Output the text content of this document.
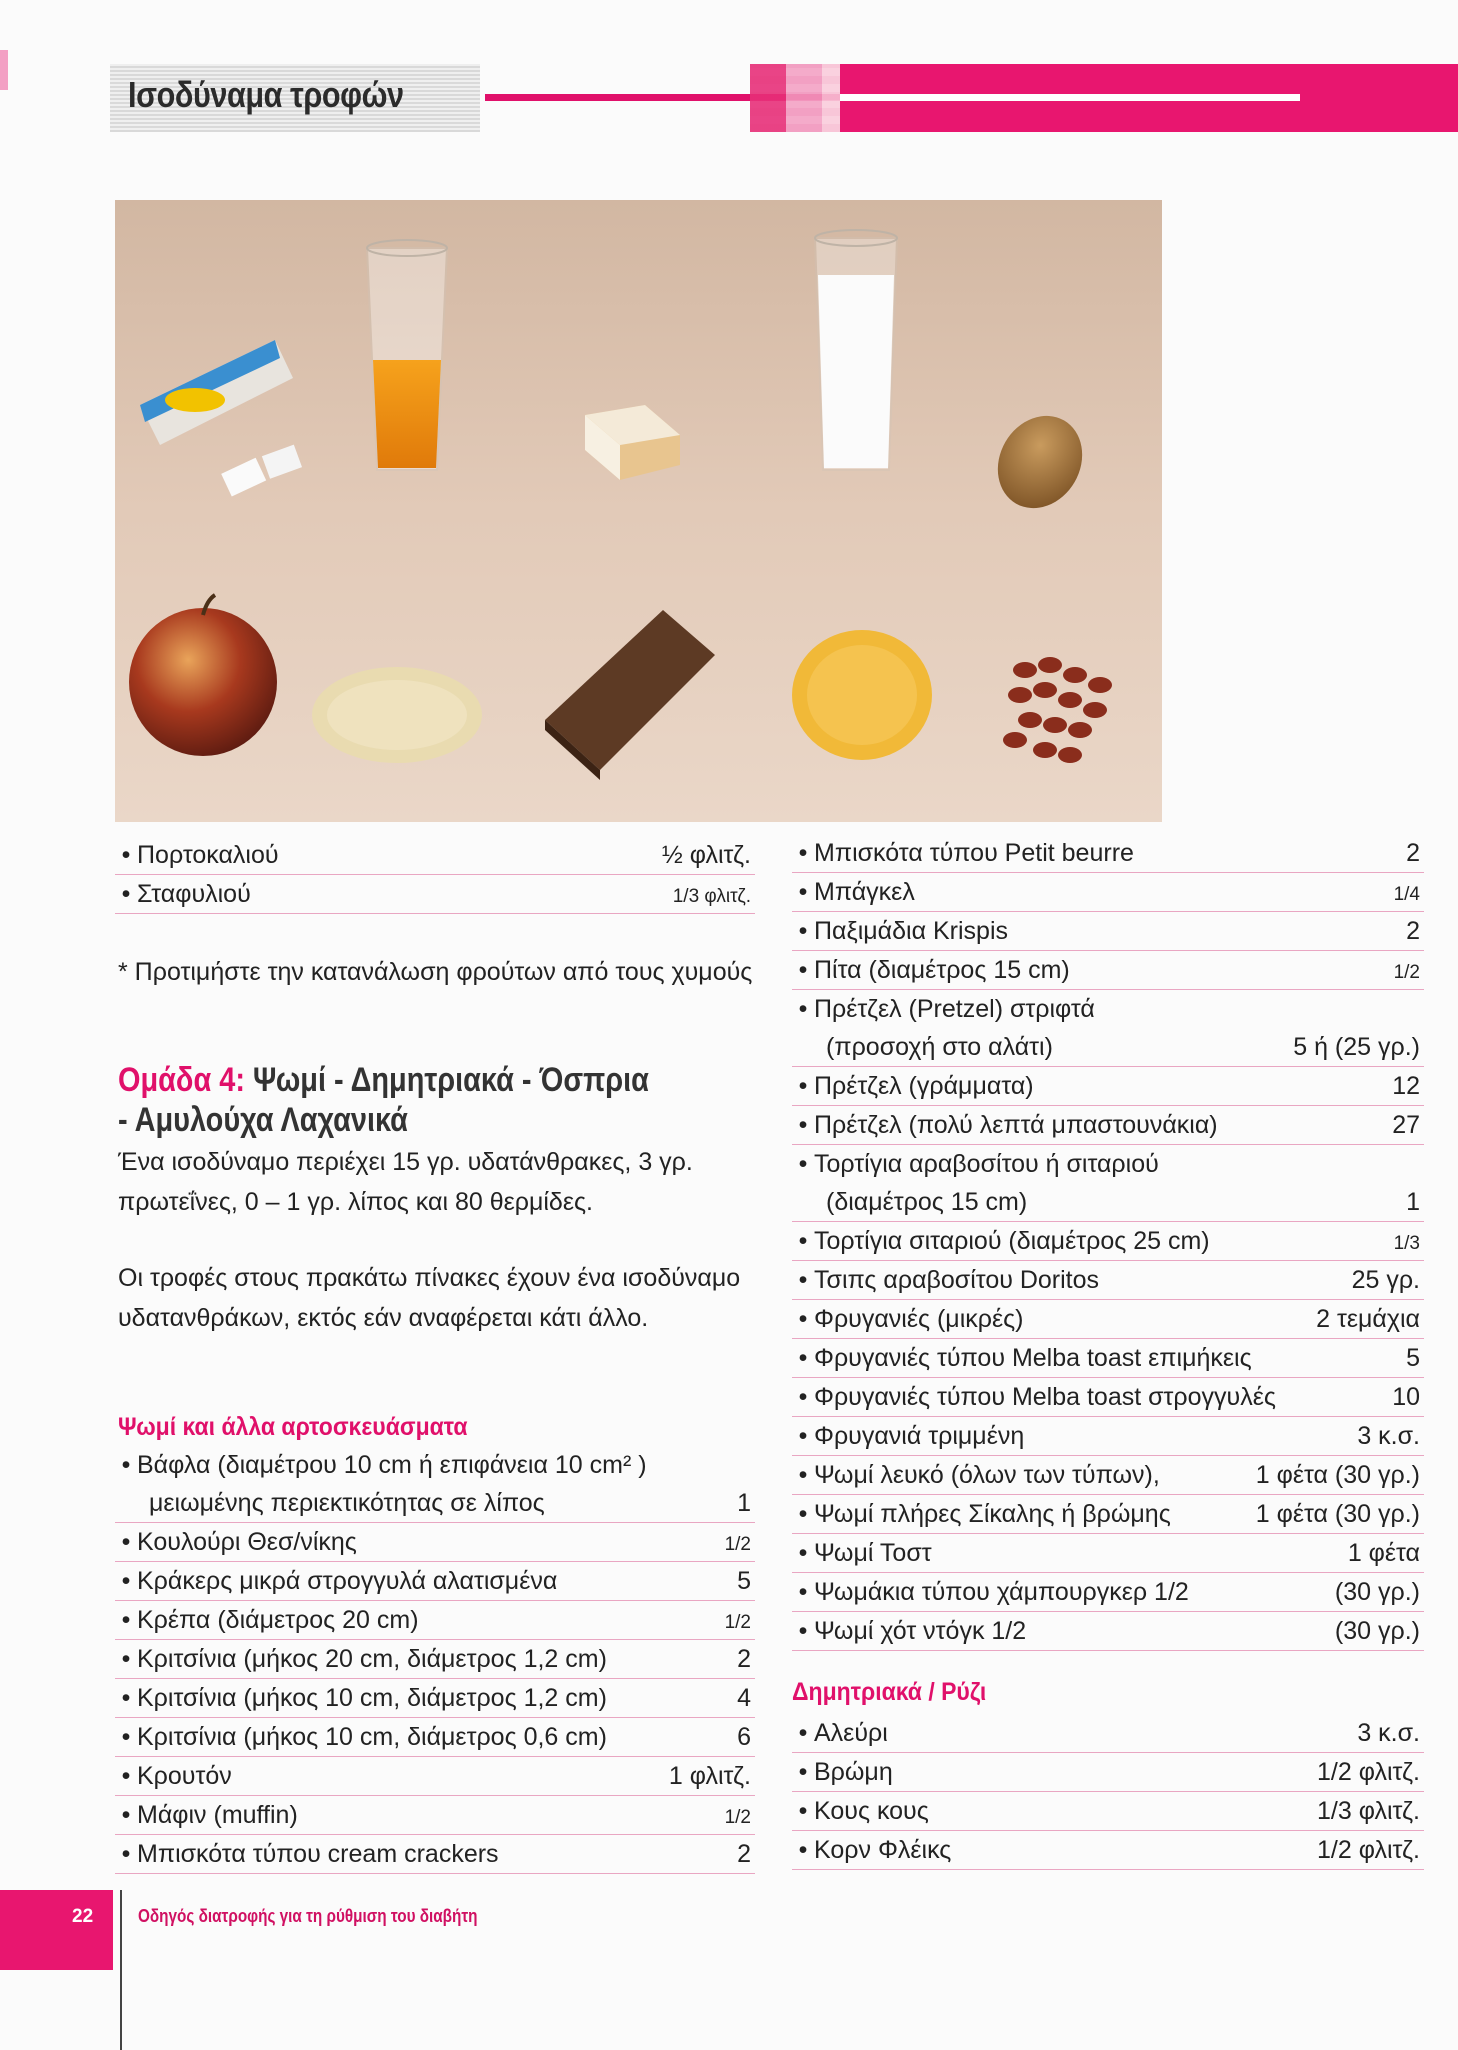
Ισοδύναμα τροφών
• Πορτοκαλιού	½ φλιτζ.
• Σταφυλιού	1/3 φλιτζ.
* Προτιμήστε την κατανάλωση φρούτων από τους χυμούς
Ομάδα 4: Ψωμί - Δημητριακά - Όσπρια
- Αμυλούχα Λαχανικά
Ένα ισοδύναμο περιέχει 15 γρ. υδατάνθρακες, 3 γρ. πρωτεΐνες, 0 – 1 γρ. λίπος και 80 θερμίδες.
Οι τροφές στους πρακάτω πίνακες έχουν ένα ισοδύναμο υδατανθράκων, εκτός εάν αναφέρεται κάτι άλλο.
Ψωμί και άλλα αρτοσκευάσματα
• Βάφλα (διαμέτρου 10 cm ή επιφάνεια 10 cm² )
μειωμένης περιεκτικότητας σε λίπος	1
• Κουλούρι Θεσ/νίκης	1/2
• Κράκερς μικρά στρογγυλά αλατισμένα	5
• Κρέπα (διάμετρος 20 cm)	1/2
• Κριτσίνια (μήκος 20 cm, διάμετρος 1,2 cm)	2
• Κριτσίνια (μήκος 10 cm, διάμετρος 1,2 cm)	4
• Κριτσίνια (μήκος 10 cm, διάμετρος 0,6 cm)	6
• Κρουτόν	1 φλιτζ.
• Μάφιν (muffin)	1/2
• Μπισκότα τύπου cream crackers	2
• Μπισκότα τύπου Petit beurre	2
• Μπάγκελ	1/4
• Παξιμάδια Krispis	2
• Πίτα (διαμέτρος 15 cm)	1/2
• Πρέτζελ (Pretzel) στριφτά
(προσοχή στο αλάτι)	5 ή (25 γρ.)
• Πρέτζελ (γράμματα)	12
• Πρέτζελ (πολύ λεπτά μπαστουνάκια)	27
• Τορτίγια αραβοσίτου ή σιταριού
(διαμέτρος 15 cm)	1
• Τορτίγια σιταριού (διαμέτρος 25 cm)	1/3
• Τσιπς αραβοσίτου Doritos	25 γρ.
• Φρυγανιές (μικρές)	2 τεμάχια
• Φρυγανιές τύπου Melba toast επιμήκεις	5
• Φρυγανιές τύπου Melba toast στρογγυλές	10
• Φρυγανιά τριμμένη	3 κ.σ.
• Ψωμί λευκό (όλων των τύπων),	1 φέτα (30 γρ.)
• Ψωμί πλήρες Σίκαλης ή βρώμης	1 φέτα (30 γρ.)
• Ψωμί Τοστ	1 φέτα
• Ψωμάκια τύπου χάμπουργκερ 1/2	(30 γρ.)
• Ψωμί χότ ντόγκ 1/2	(30 γρ.)
Δημητριακά / Ρύζι
• Αλεύρι	3 κ.σ.
• Βρώμη	1/2 φλιτζ.
• Κους κους	1/3 φλιτζ.
• Κορν Φλέικς	1/2 φλιτζ.
22 Οδηγός διατροφής για τη ρύθμιση του διαβήτη
